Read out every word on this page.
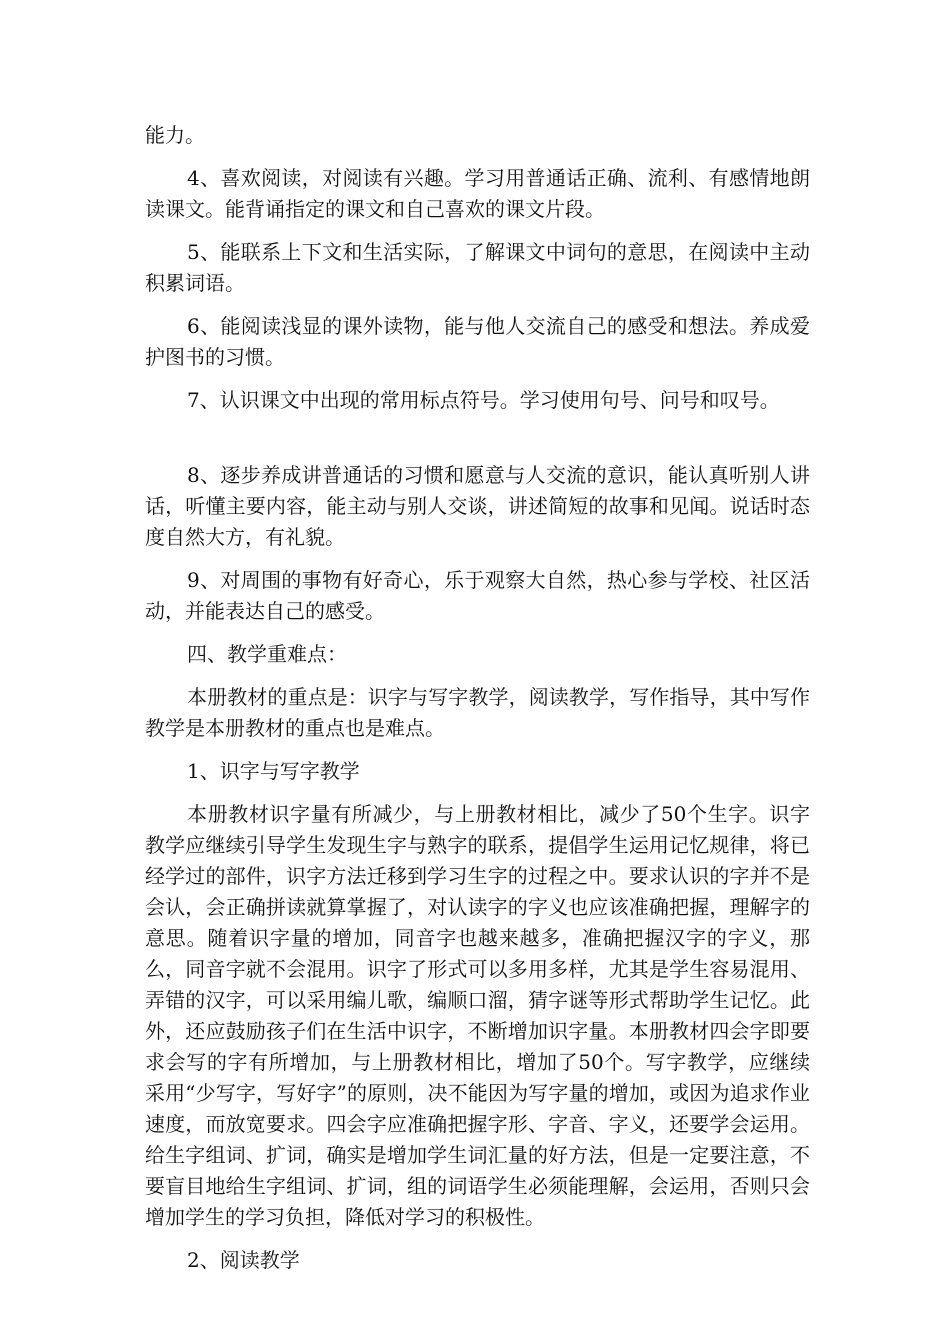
能力。

4、喜欢阅读，对阅读有兴趣。学习用普通话正确、流利、有感情地朗读课文。能背诵指定的课文和自己喜欢的课文片段。

5、能联系上下文和生活实际，了解课文中词句的意思，在阅读中主动积累词语。

6、能阅读浅显的课外读物，能与他人交流自己的感受和想法。养成爱护图书的习惯。

7、认识课文中出现的常用标点符号。学习使用句号、问号和叹号。

8、逐步养成讲普通话的习惯和愿意与人交流的意识，能认真听别人讲话，听懂主要内容，能主动与别人交谈，讲述简短的故事和见闻。说话时态度自然大方，有礼貌。

9、对周围的事物有好奇心，乐于观察大自然，热心参与学校、社区活动，并能表达自己的感受。

四、教学重难点：

本册教材的重点是：识字与写字教学，阅读教学，写作指导，其中写作教学是本册教材的重点也是难点。

1、识字与写字教学

本册教材识字量有所减少，与上册教材相比，减少了50个生字。识字教学应继续引导学生发现生字与熟字的联系，提倡学生运用记忆规律，将已经学过的部件，识字方法迁移到学习生字的过程之中。要求认识的字并不是会认，会正确拼读就算掌握了，对认读字的字义也应该准确把握，理解字的意思。随着识字量的增加，同音字也越来越多，准确把握汉字的字义，那么，同音字就不会混用。识字了形式可以多用多样，尤其是学生容易混用、弄错的汉字，可以采用编儿歌，编顺口溜，猜字谜等形式帮助学生记忆。此外，还应鼓励孩子们在生活中识字，不断增加识字量。本册教材四会字即要求会写的字有所增加，与上册教材相比，增加了50个。写字教学，应继续采用“少写字，写好字”的原则，决不能因为写字量的增加，或因为追求作业速度，而放宽要求。四会字应准确把握字形、字音、字义，还要学会运用。给生字组词、扩词，确实是增加学生词汇量的好方法，但是一定要注意，不要盲目地给生字组词、扩词，组的词语学生必须能理解，会运用，否则只会增加学生的学习负担，降低对学习的积极性。

2、阅读教学
